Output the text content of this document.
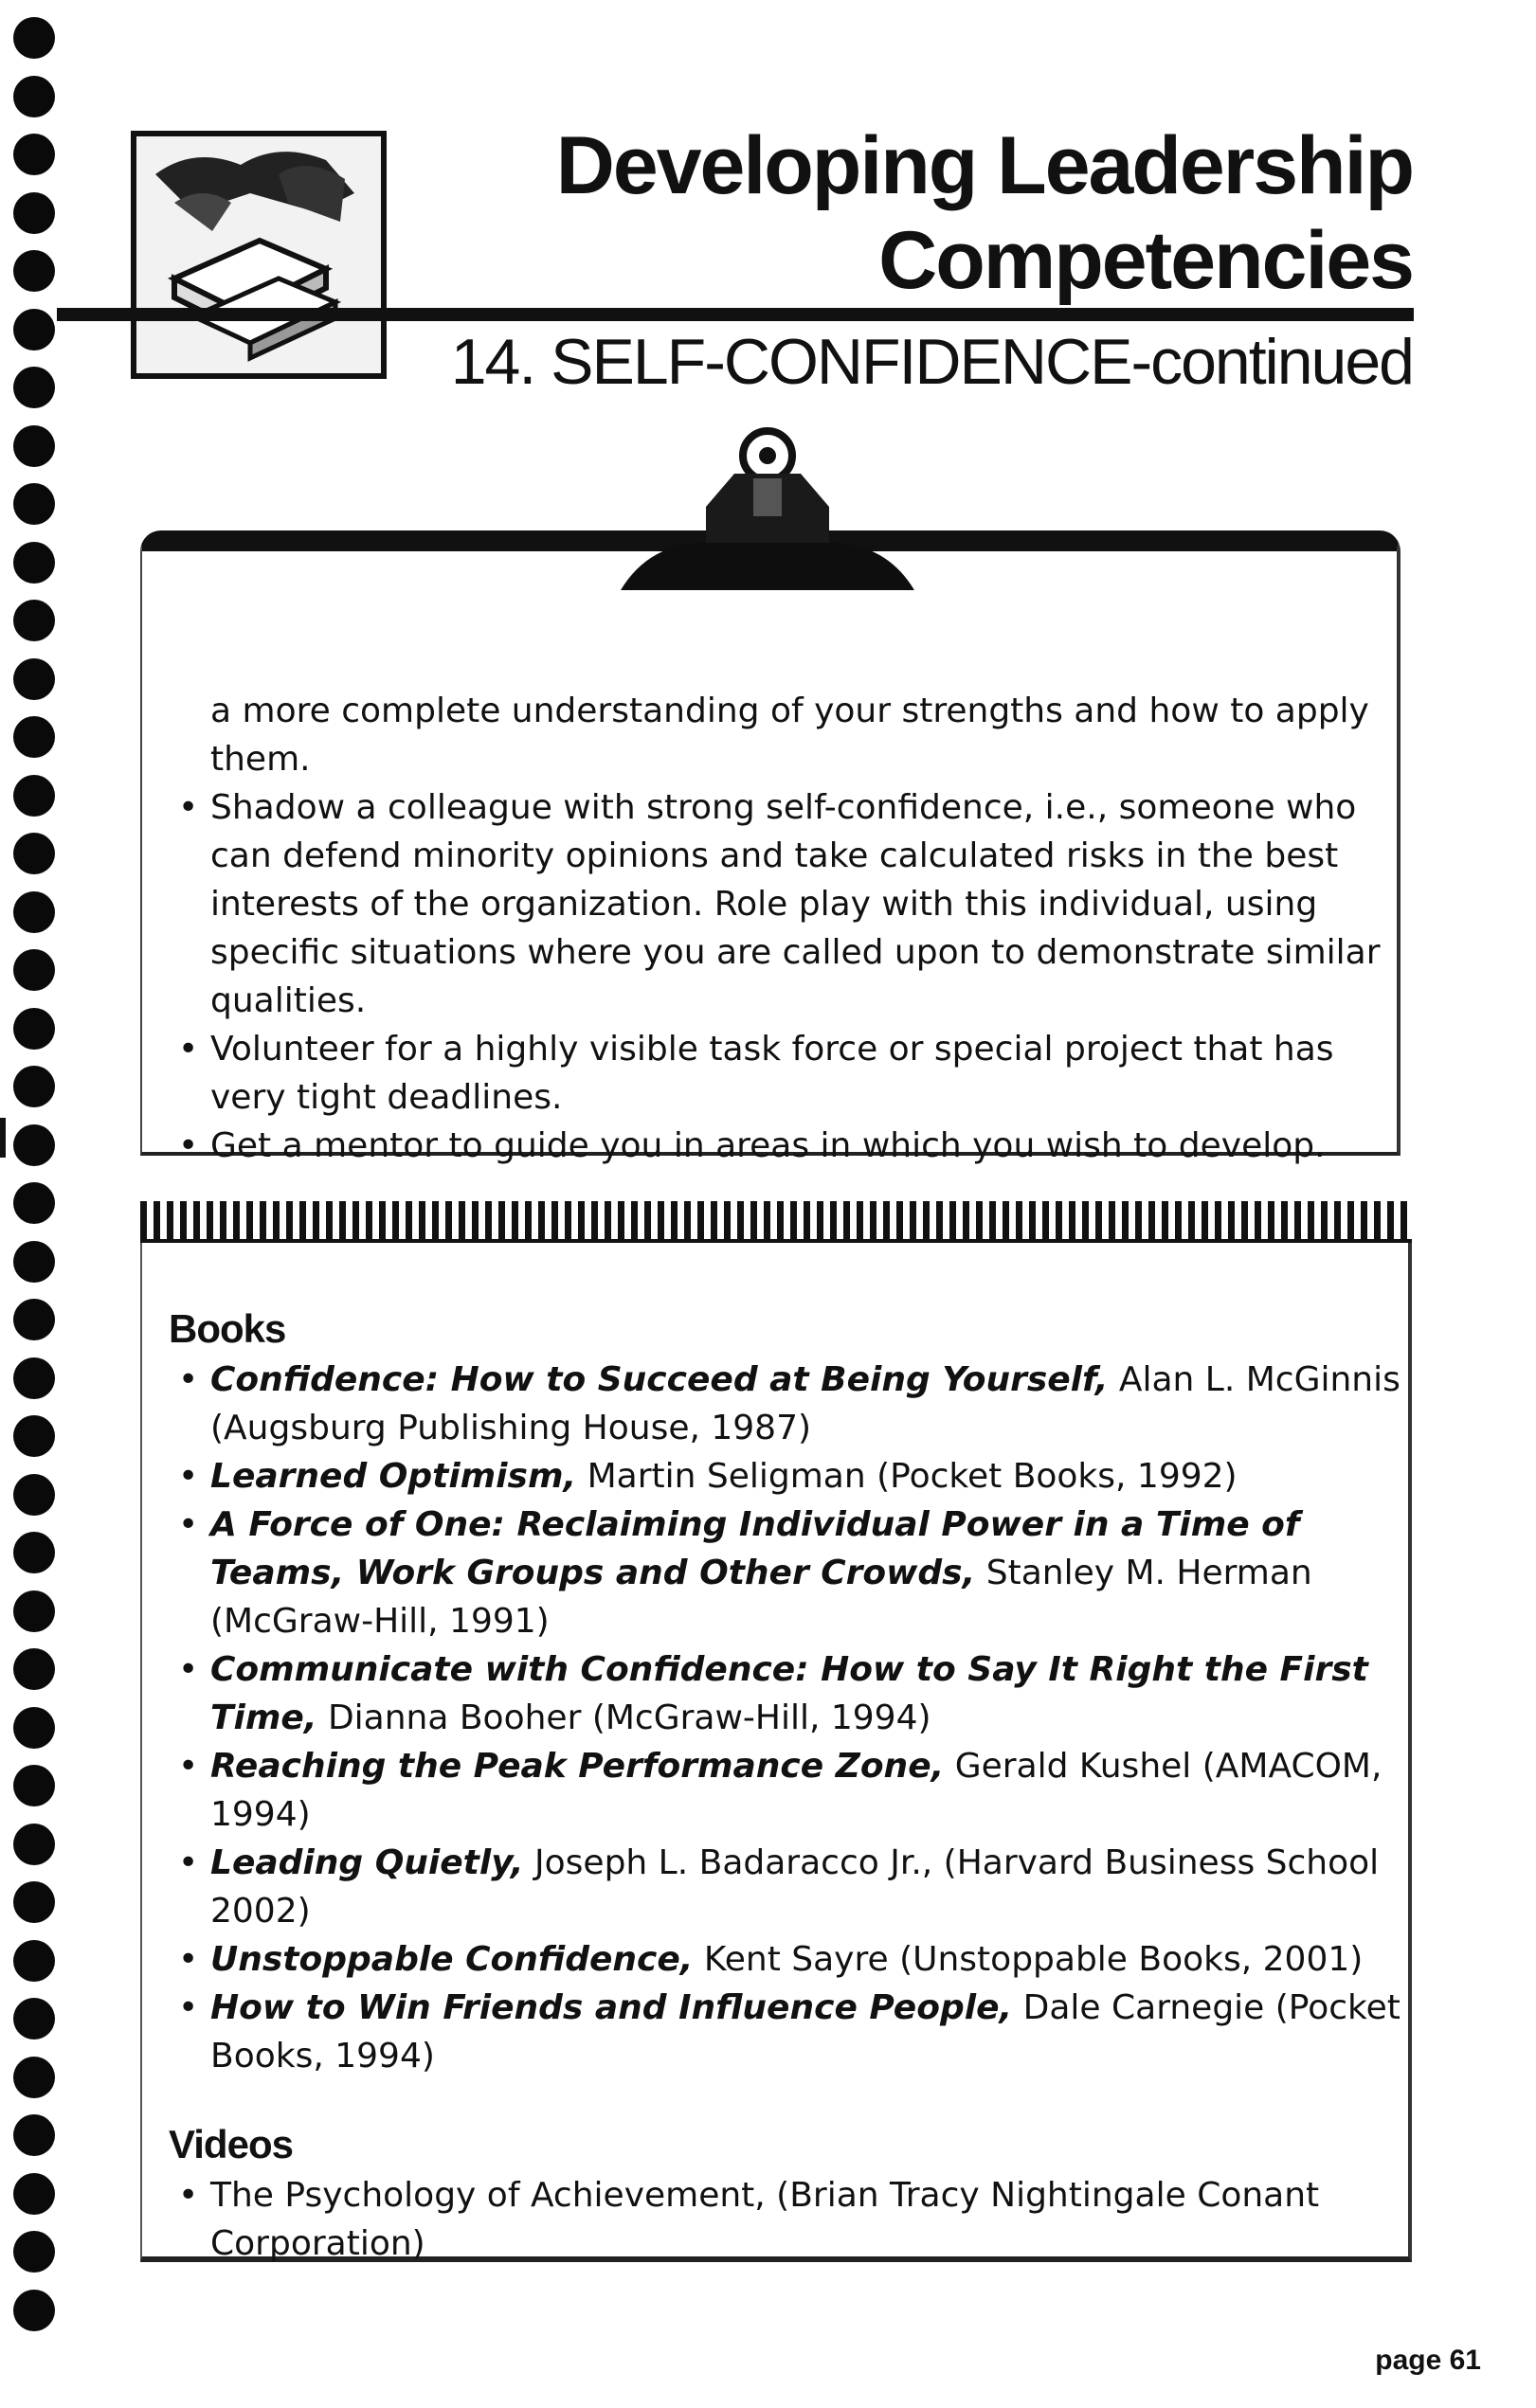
Developing Leadership
Competencies
14. SELF-CONFIDENCE-continued
a more complete understanding of your strengths and how to apply them.
• Shadow a colleague with strong self-confidence, i.e., someone who can defend minority opinions and take calculated risks in the best interests of the organization. Role play with this individual, using specific situations where you are called upon to demonstrate similar qualities.
• Volunteer for a highly visible task force or special project that has very tight deadlines.
• Get a mentor to guide you in areas in which you wish to develop.
Books
• Confidence: How to Succeed at Being Yourself, Alan L. McGinnis (Augsburg Publishing House, 1987)
• Learned Optimism, Martin Seligman (Pocket Books, 1992)
• A Force of One: Reclaiming Individual Power in a Time of Teams, Work Groups and Other Crowds, Stanley M. Herman (McGraw-Hill, 1991)
• Communicate with Confidence: How to Say It Right the First Time, Dianna Booher (McGraw-Hill, 1994)
• Reaching the Peak Performance Zone, Gerald Kushel (AMACOM, 1994)
• Leading Quietly, Joseph L. Badaracco Jr., (Harvard Business School 2002)
• Unstoppable Confidence, Kent Sayre (Unstoppable Books, 2001)
• How to Win Friends and Influence People, Dale Carnegie (Pocket Books, 1994)
Videos
• The Psychology of Achievement, (Brian Tracy Nightingale Conant Corporation)
page 61
